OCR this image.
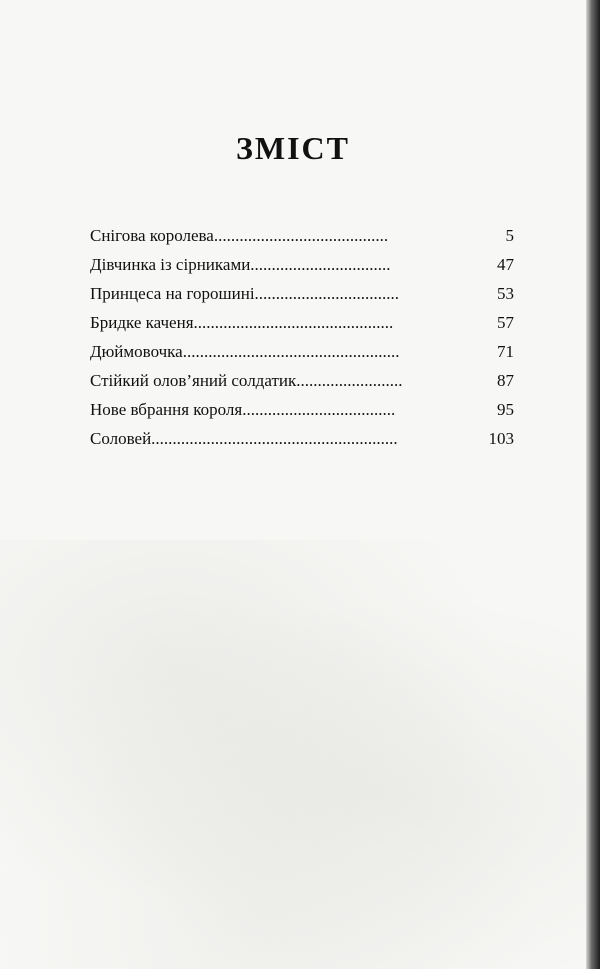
ЗМІСТ
Снігова королева.........................................	5
Дівчинка із сірниками.................................	47
Принцеса на горошині..................................	53
Бридке каченя...............................................	57
Дюймовочка...................................................	71
Стійкий олов’яний солдатик.........................	87
Нове вбрання короля....................................	95
Соловей..........................................................	103
